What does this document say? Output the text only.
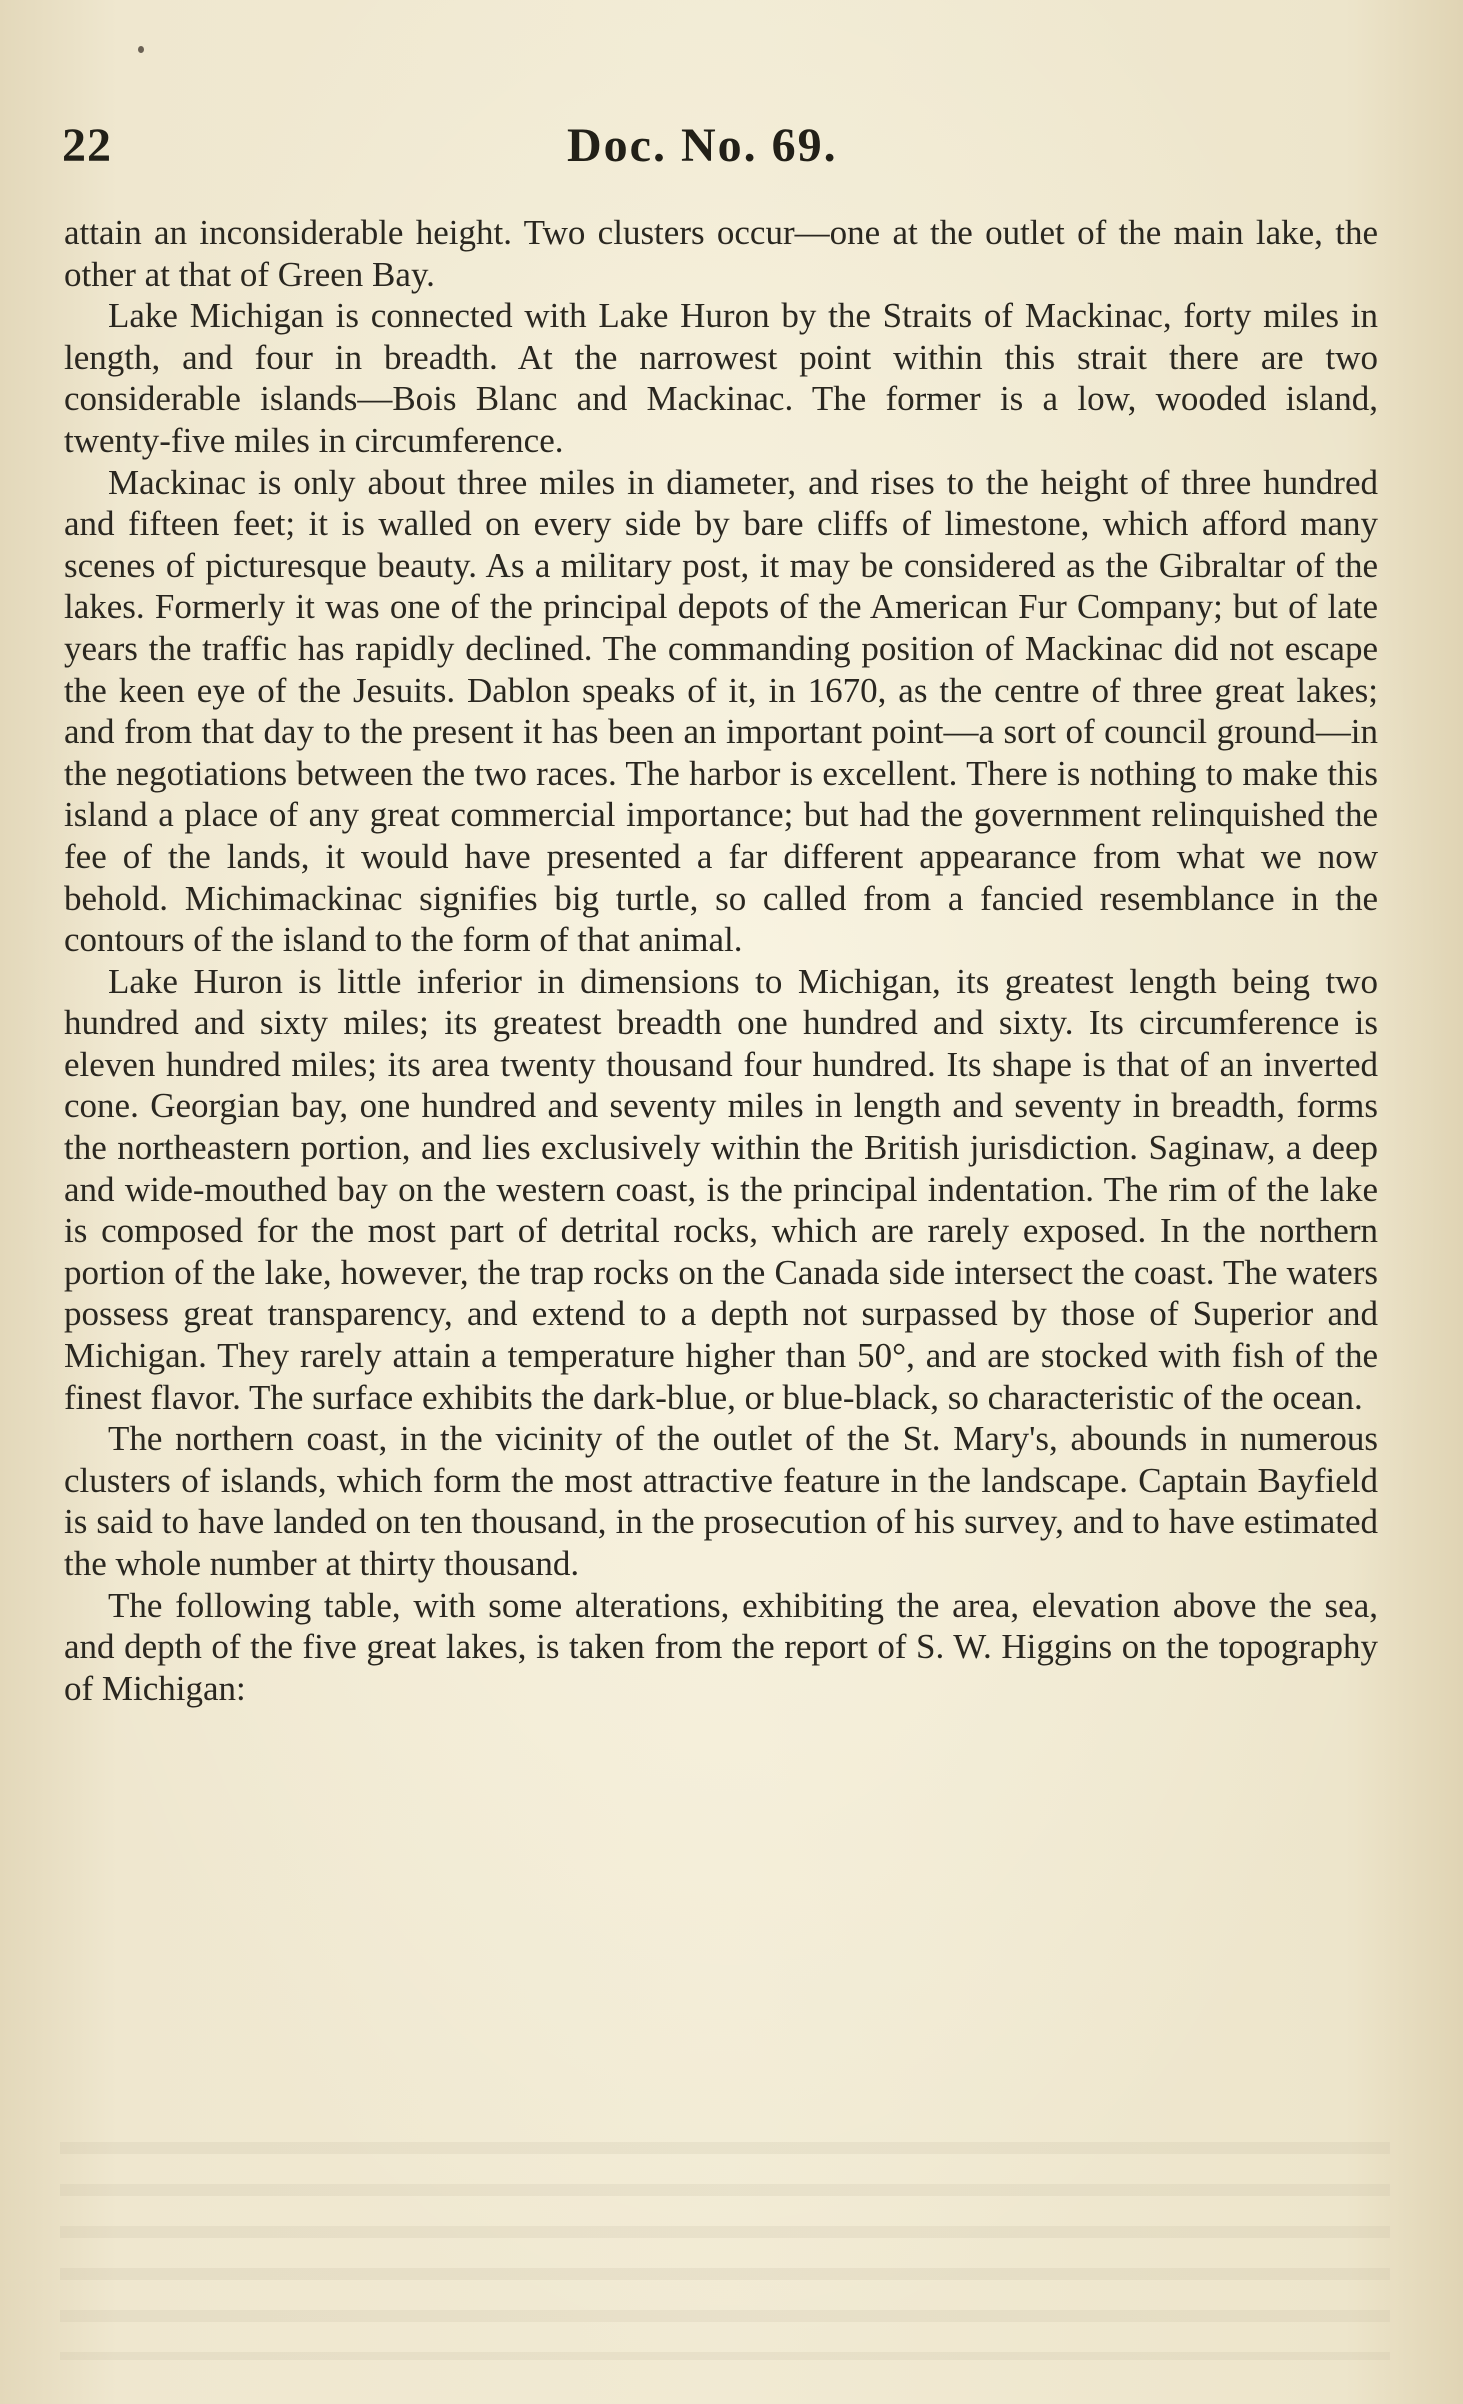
22	Doc. No. 69.

attain an inconsiderable height. Two clusters occur—one at the outlet of the main lake, the other at that of Green Bay.

Lake Michigan is connected with Lake Huron by the Straits of Mackinac, forty miles in length, and four in breadth. At the narrowest point within this strait there are two considerable islands—Bois Blanc and Mackinac. The former is a low, wooded island, twenty-five miles in circumference.

Mackinac is only about three miles in diameter, and rises to the height of three hundred and fifteen feet; it is walled on every side by bare cliffs of limestone, which afford many scenes of picturesque beauty. As a military post, it may be considered as the Gibraltar of the lakes. Formerly it was one of the principal depots of the American Fur Company; but of late years the traffic has rapidly declined. The commanding position of Mackinac did not escape the keen eye of the Jesuits. Dablon speaks of it, in 1670, as the centre of three great lakes; and from that day to the present it has been an important point—a sort of council ground—in the negotiations between the two races. The harbor is excellent. There is nothing to make this island a place of any great commercial importance; but had the government relinquished the fee of the lands, it would have presented a far different appearance from what we now behold. Michimackinac signifies big turtle, so called from a fancied resemblance in the contours of the island to the form of that animal.

Lake Huron is little inferior in dimensions to Michigan, its greatest length being two hundred and sixty miles; its greatest breadth one hundred and sixty. Its circumference is eleven hundred miles; its area twenty thousand four hundred. Its shape is that of an inverted cone. Georgian bay, one hundred and seventy miles in length and seventy in breadth, forms the northeastern portion, and lies exclusively within the British jurisdiction. Saginaw, a deep and wide-mouthed bay on the western coast, is the principal indentation. The rim of the lake is composed for the most part of detrital rocks, which are rarely exposed. In the northern portion of the lake, however, the trap rocks on the Canada side intersect the coast. The waters possess great transparency, and extend to a depth not surpassed by those of Superior and Michigan. They rarely attain a temperature higher than 50°, and are stocked with fish of the finest flavor. The surface exhibits the dark-blue, or blue-black, so characteristic of the ocean.

The northern coast, in the vicinity of the outlet of the St. Mary's, abounds in numerous clusters of islands, which form the most attractive feature in the landscape. Captain Bayfield is said to have landed on ten thousand, in the prosecution of his survey, and to have estimated the whole number at thirty thousand.

The following table, with some alterations, exhibiting the area, elevation above the sea, and depth of the five great lakes, is taken from the report of S. W. Higgins on the topography of Michigan:
